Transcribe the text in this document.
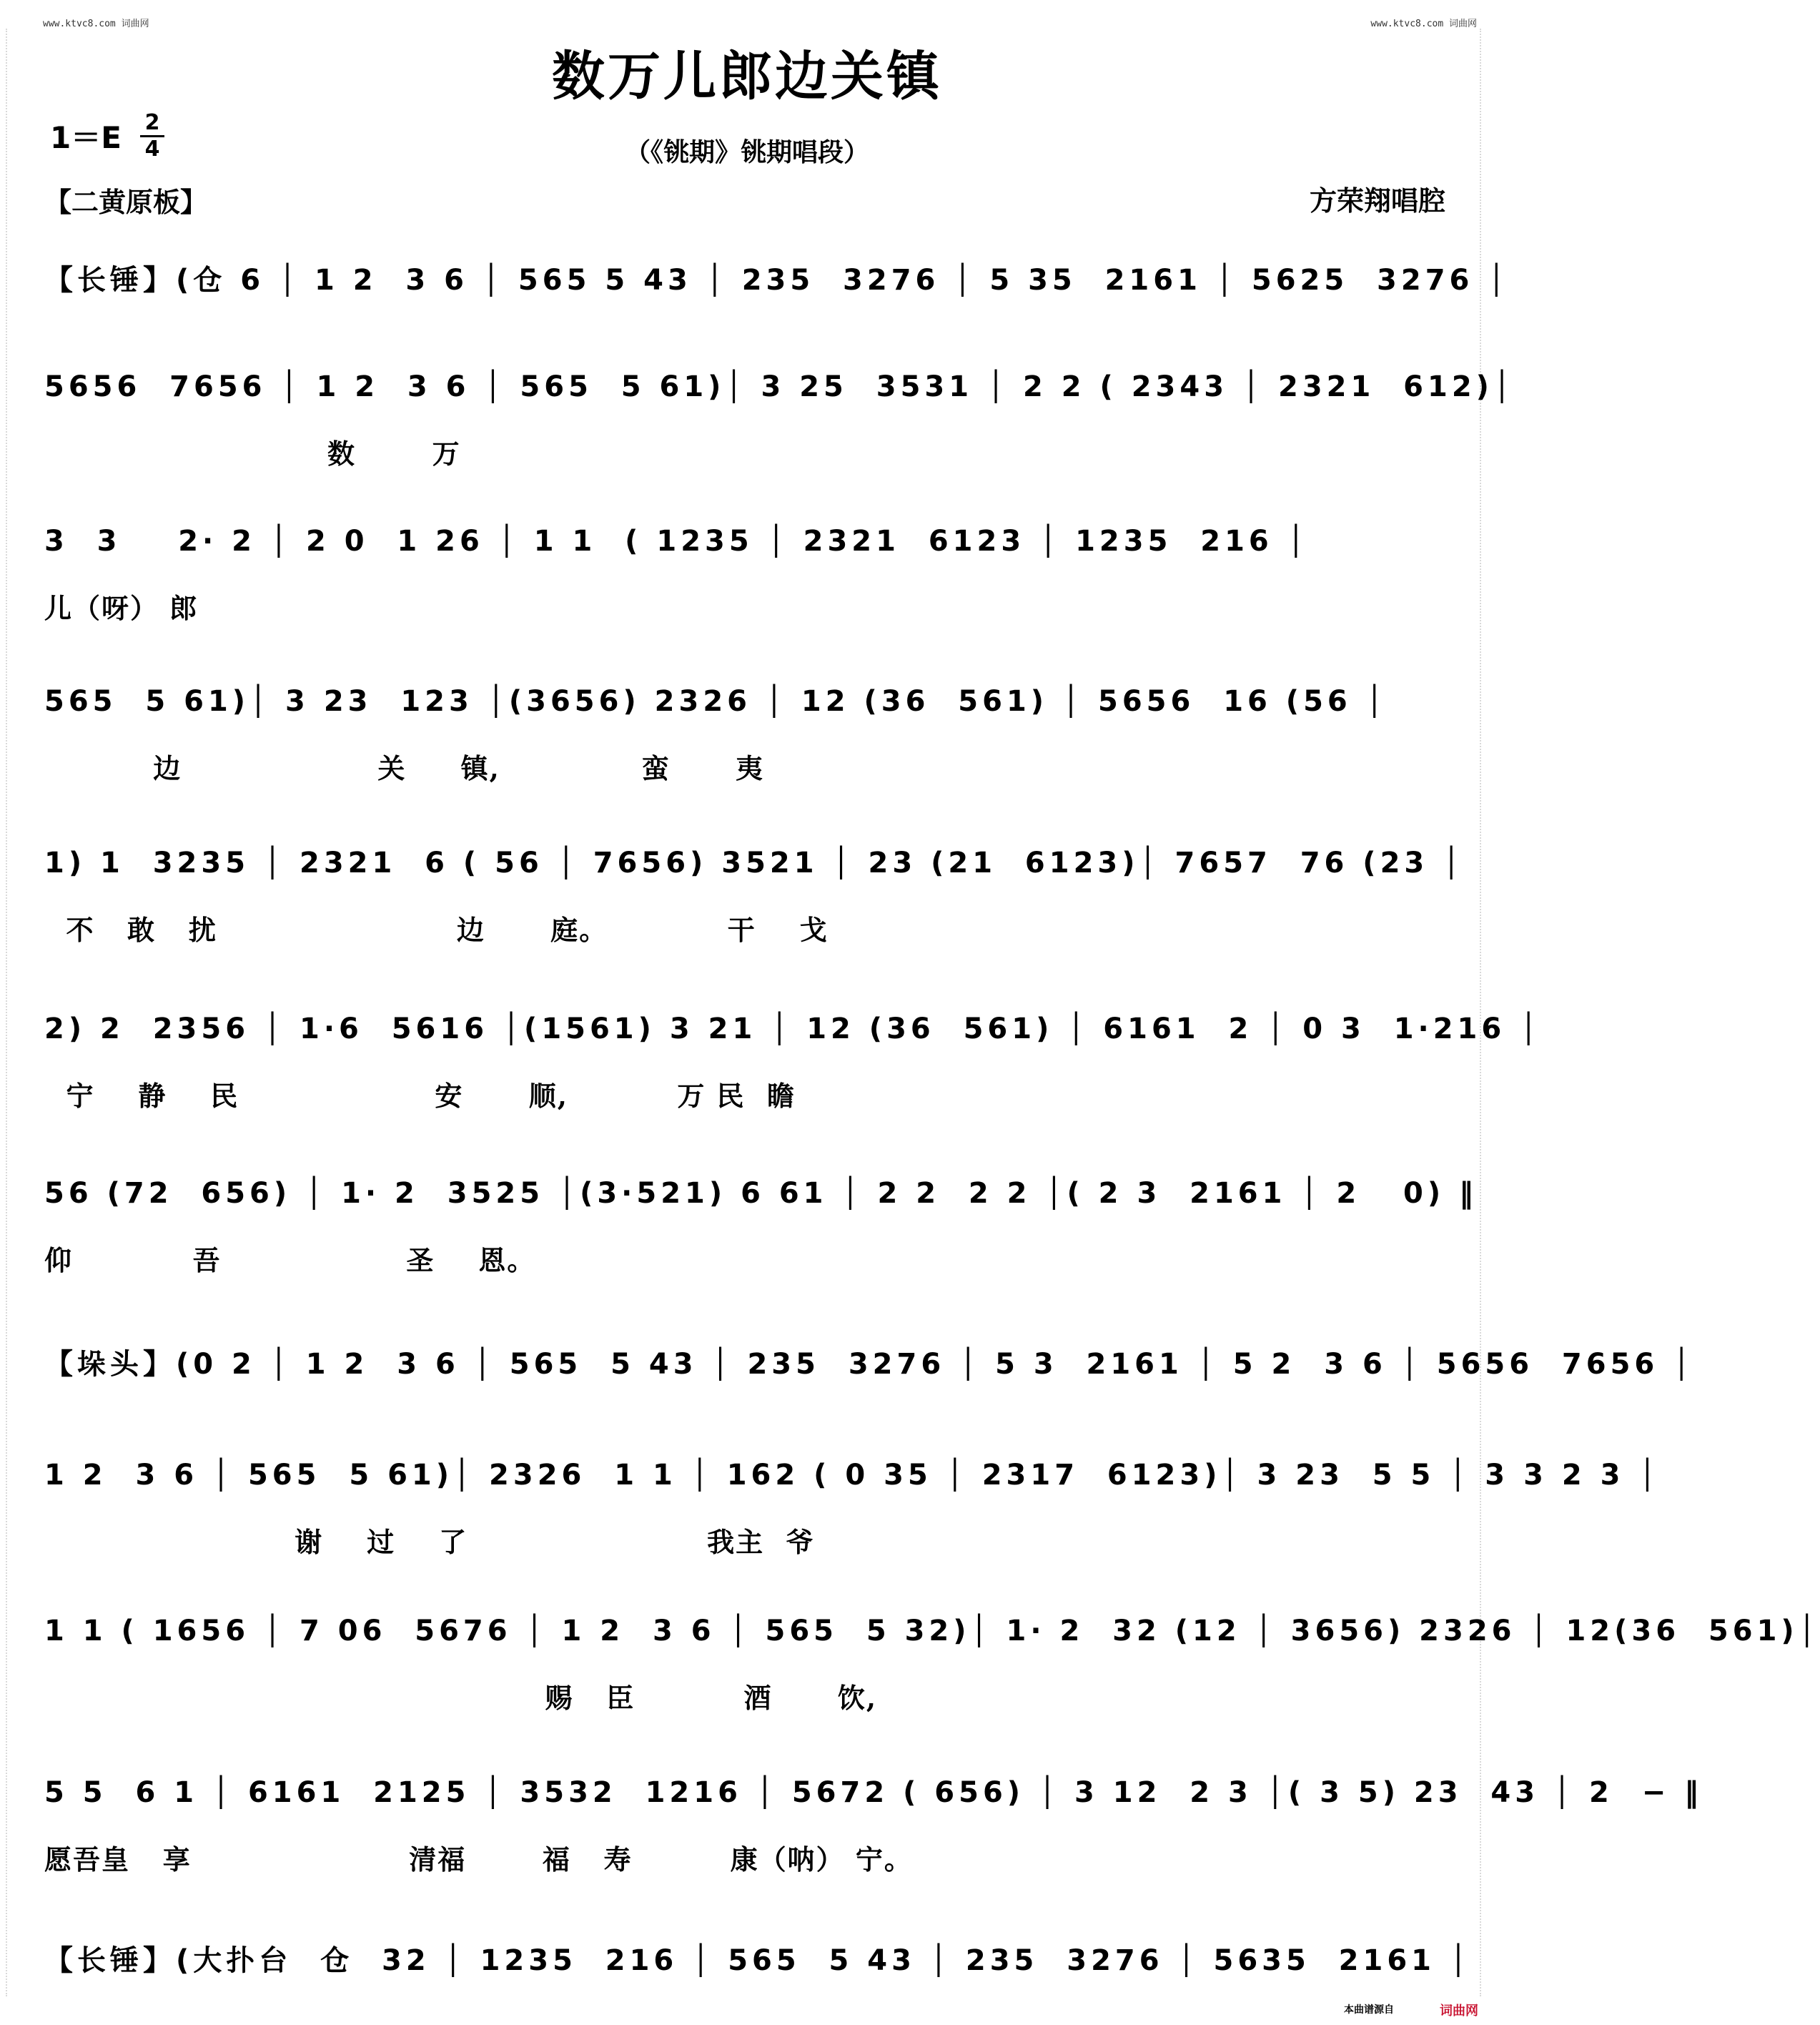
www.ktvc8.com 词曲网	www.ktvc8.com 词曲网
数万儿郎边关镇
1＝E 2
4	（《铫期》铫期唱段）
【二黄原板】	方荣翔唱腔
【长锤】(仓 6 │ 1 2  3 6 │ 565 5 43 │ 235  3276 │ 5 35  2161 │ 5625  3276 │
5656  7656 │ 1 2  3 6 │ 565  5 61)│ 3 25  3531 │ 2 2 ( 2343 │ 2321  612)│
数       万
3  3    2· 2 │ 2 0  1 26 │ 1 1  ( 1235 │ 2321  6123 │ 1235  216 │
儿（呀） 郎
565  5 61)│ 3 23  123 │(3656) 2326 │ 12 (36  561) │ 5656  16 (56 │
边                  关     镇,             蛮      夷
1) 1  3235 │ 2321  6 ( 56 │ 7656) 3521 │ 23 (21  6123)│ 7657  76 (23 │
不   敢   扰                      边      庭。           干    戈
2) 2  2356 │ 1·6  5616 │(1561) 3 21 │ 12 (36  561) │ 6161  2 │ 0 3  1·216 │
宁    静    民                  安      顺,          万 民  瞻
56 (72  656) │ 1· 2  3525 │(3·521) 6 61 │ 2 2  2 2 │( 2 3  2161 │ 2   0) ‖
仰           吾                 圣    恩。
【垛头】(0 2 │ 1 2  3 6 │ 565  5 43 │ 235  3276 │ 5 3  2161 │ 5 2  3 6 │ 5656  7656 │
1 2  3 6 │ 565  5 61)│ 2326  1 1 │ 162 ( 0 35 │ 2317  6123)│ 3 23  5 5 │ 3 3 2 3 │
谢    过    了                      我主  爷
1 1 ( 1656 │ 7 06  5676 │ 1 2  3 6 │ 565  5 32)│ 1· 2  32 (12 │ 3656) 2326 │ 12(36  561)│
赐   臣          酒      饮,
5 5  6 1 │ 6161  2125 │ 3532  1216 │ 5672 ( 656) │ 3 12  2 3 │( 3 5) 23  43 │ 2  − ‖
愿吾皇   享                    清福       福   寿         康（呐） 宁。
【长锤】(大扑台  仓  32 │ 1235  216 │ 565  5 43 │ 235  3276 │ 5635  2161 │
本曲谱源自	词曲网
